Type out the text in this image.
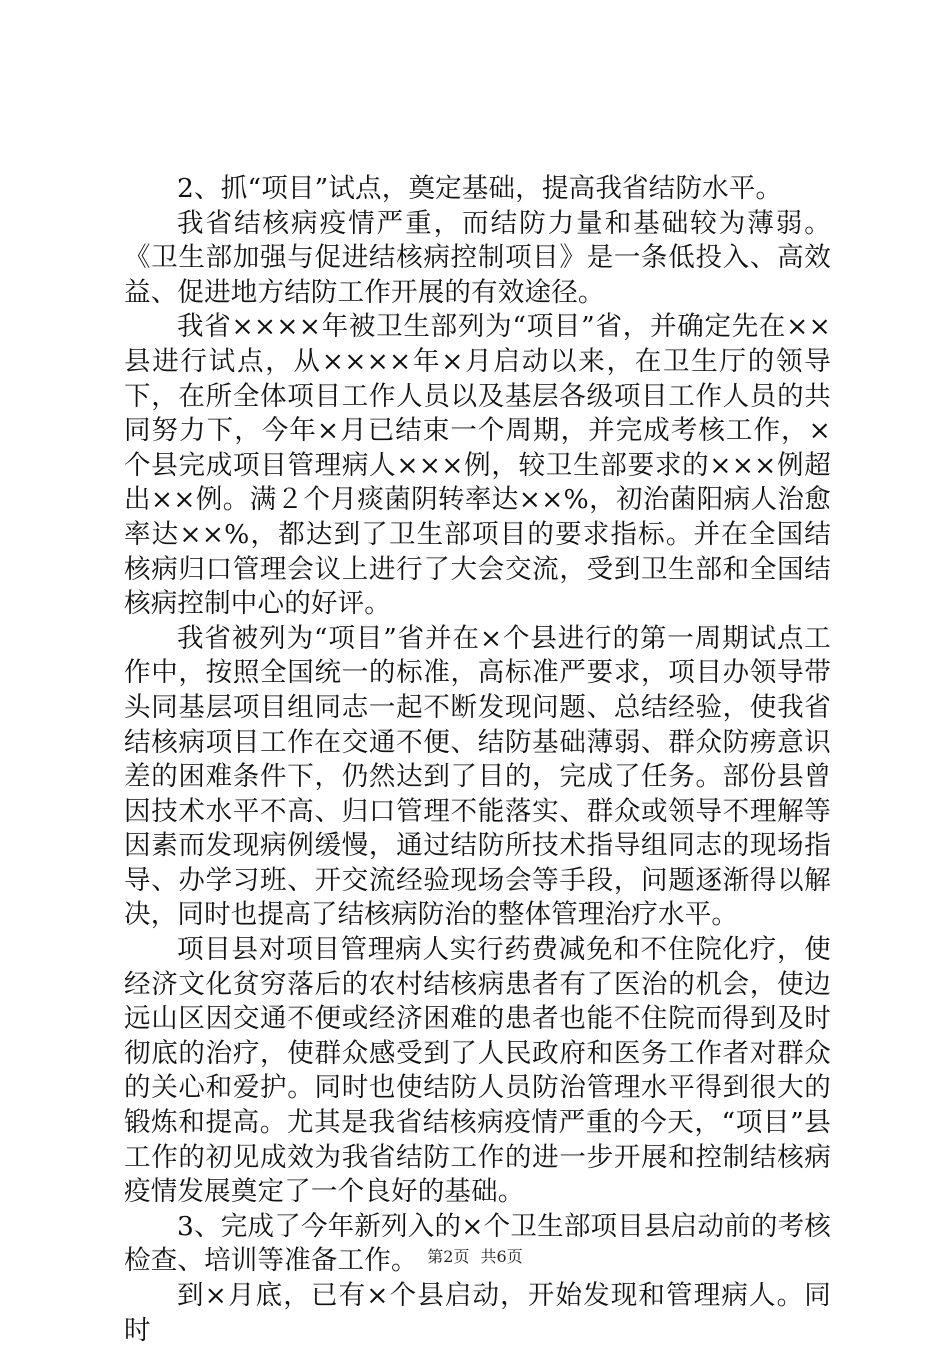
2、抓“项目”试点，奠定基础，提高我省结防水平。

我省结核病疫情严重，而结防力量和基础较为薄弱。《卫生部加强与促进结核病控制项目》是一条低投入、高效益、促进地方结防工作开展的有效途径。

我省××××年被卫生部列为“项目”省，并确定先在××县进行试点，从××××年×月启动以来，在卫生厅的领导下，在所全体项目工作人员以及基层各级项目工作人员的共同努力下，今年×月已结束一个周期，并完成考核工作，×个县完成项目管理病人×××例，较卫生部要求的×××例超出××例。满２个月痰菌阴转率达××%，初治菌阳病人治愈率达××%，都达到了卫生部项目的要求指标。并在全国结核病归口管理会议上进行了大会交流，受到卫生部和全国结核病控制中心的好评。

我省被列为“项目”省并在×个县进行的第一周期试点工作中，按照全国统一的标准，高标准严要求，项目办领导带头同基层项目组同志一起不断发现问题、总结经验，使我省结核病项目工作在交通不便、结防基础薄弱、群众防痨意识差的困难条件下，仍然达到了目的，完成了任务。部份县曾因技术水平不高、归口管理不能落实、群众或领导不理解等因素而发现病例缓慢，通过结防所技术指导组同志的现场指导、办学习班、开交流经验现场会等手段，问题逐渐得以解决，同时也提高了结核病防治的整体管理治疗水平。

项目县对项目管理病人实行药费减免和不住院化疗，使经济文化贫穷落后的农村结核病患者有了医治的机会，使边远山区因交通不便或经济困难的患者也能不住院而得到及时彻底的治疗，使群众感受到了人民政府和医务工作者对群众的关心和爱护。同时也使结防人员防治管理水平得到很大的锻炼和提高。尤其是我省结核病疫情严重的今天，“项目”县工作的初见成效为我省结防工作的进一步开展和控制结核病疫情发展奠定了一个良好的基础。

3、完成了今年新列入的×个卫生部项目县启动前的考核检查、培训等准备工作。

到×月底，已有×个县启动，开始发现和管理病人。同时

第2页 共6页
